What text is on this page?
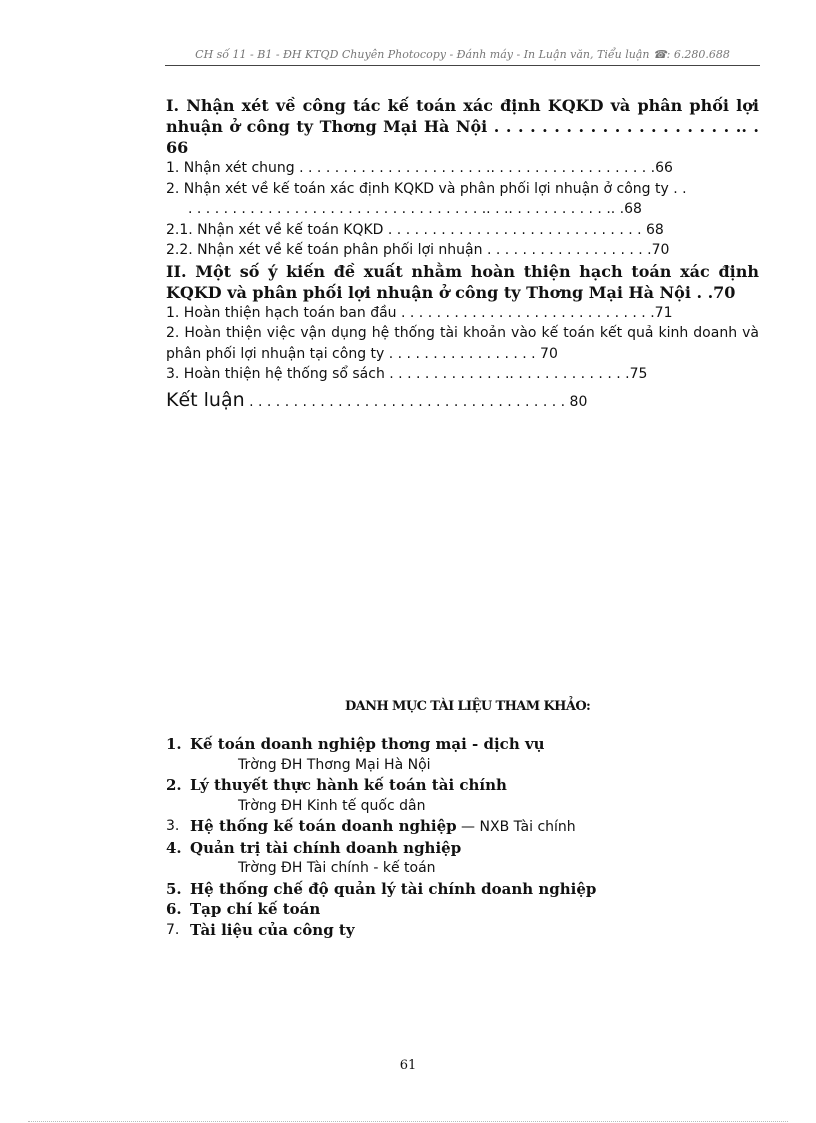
CH số 11 - B1 - ĐH KTQD Chuyên Photocopy - Đánh máy - In Luận văn, Tiểu luận ☎: 6.280.688

I. Nhận xét về công tác kế toán xác định KQKD và phân phối lợi nhuận ở công ty Thơng Mại Hà Nội . . . . . . . . . . . . . . . . . . . . .. . 66

1. Nhận xét chung . . . . . . . . . . . . . . . . . . . . . .. . . . . . . . . . . . . . . . . . .66
2. Nhận xét về kế toán xác định KQKD và phân phối lợi nhuận ở công ty . .
. . . . . . . . . . . . . . . . . . . . . . . . . . . . . . . . . .. . .. . . . . . . . . . . .. .68
2.1. Nhận xét về kế toán KQKD . . . . . . . . . . . . . . . . . . . . . . . . . . . . . 68
2.2. Nhận xét về kế toán phân phối lợi nhuận . . . . . . . . . . . . . . . . . . .70

II. Một số ý kiến đề xuất nhằm hoàn thiện hạch toán xác định KQKD và phân phối lợi nhuận ở công ty Thơng Mại Hà Nội . .70

1. Hoàn thiện hạch toán ban đầu . . . . . . . . . . . . . . . . . . . . . . . . . . . . .71
2. Hoàn thiện việc vận dụng hệ thống tài khoản vào kế toán kết quả kinh doanh và phân phối lợi nhuận tại công ty . . . . . . . . . . . . . . . . . 70
3. Hoàn thiện hệ thống sổ sách . . . . . . . . . . . . . .. . . . . . . . . . . . . .75
Kết luận . . . . . . . . . . . . . . . . . . . . . . . . . . . . . . . . . . . . 80
DANH MỤC TÀI LIỆU THAM KHẢO:
1. Kế toán doanh nghiệp thơng mại - dịch vụ
Trờng ĐH Thơng Mại Hà Nội
2. Lý thuyết thực hành kế toán tài chính
Trờng ĐH Kinh tế quốc dân
3. Hệ thống kế toán doanh nghiệp — NXB Tài chính
4. Quản trị tài chính doanh nghiệp
Trờng ĐH Tài chính - kế toán
5. Hệ thống chế độ quản lý tài chính doanh nghiệp
6. Tạp chí kế toán
7. Tài liệu của công ty
61
